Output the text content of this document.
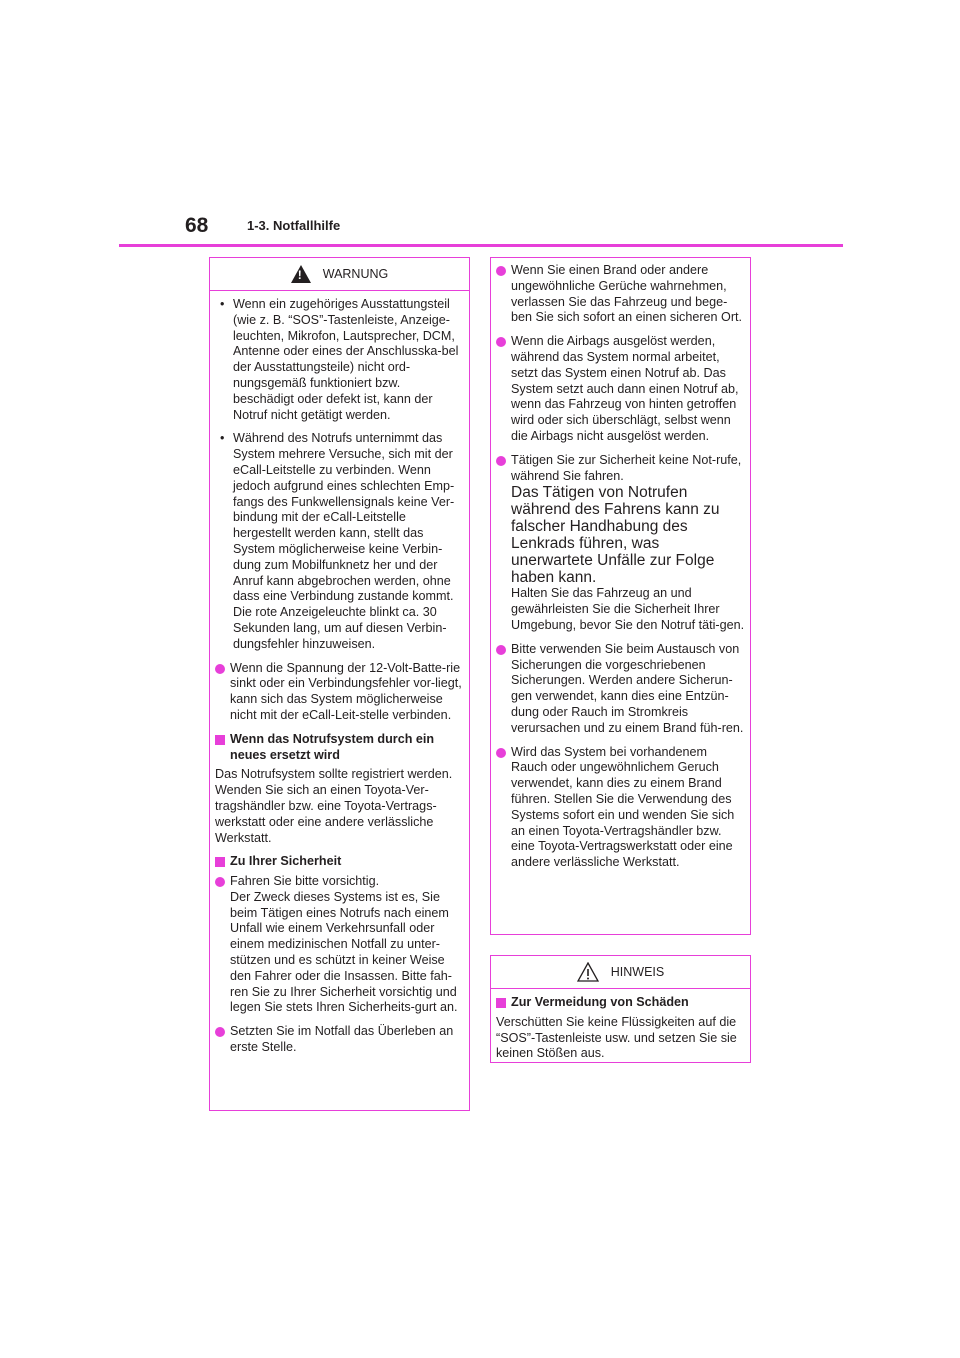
68	1-3. Notfallhilfe
!
WARNUNG
• Wenn ein zugehöriges Ausstattungsteil (wie z. B. “SOS”-Tastenleiste, Anzeige-leuchten, Mikrofon, Lautsprecher, DCM, Antenne oder eines der Anschlusska-bel der Ausstattungsteile) nicht ord-nungsgemäß funktioniert bzw. beschädigt oder defekt ist, kann der Notruf nicht getätigt werden.
• Während des Notrufs unternimmt das System mehrere Versuche, sich mit der eCall-Leitstelle zu verbinden. Wenn jedoch aufgrund eines schlechten Emp-fangs des Funkwellensignals keine Ver-bindung mit der eCall-Leitstelle hergestellt werden kann, stellt das System möglicherweise keine Verbin-dung zum Mobilfunknetz her und der Anruf kann abgebrochen werden, ohne dass eine Verbindung zustande kommt. Die rote Anzeigeleuchte blinkt ca. 30 Sekunden lang, um auf diesen Verbin-dungsfehler hinzuweisen.
Wenn die Spannung der 12-Volt-Batte-rie sinkt oder ein Verbindungsfehler vor-liegt, kann sich das System möglicherweise nicht mit der eCall-Leit-stelle verbinden.
Wenn das Notrufsystem durch ein neues ersetzt wird
Das Notrufsystem sollte registriert werden. Wenden Sie sich an einen Toyota-Ver-tragshändler bzw. eine Toyota-Vertrags-werkstatt oder eine andere verlässliche Werkstatt.
Zu Ihrer Sicherheit
Fahren Sie bitte vorsichtig.
Der Zweck dieses Systems ist es, Sie beim Tätigen eines Notrufs nach einem Unfall wie einem Verkehrsunfall oder einem medizinischen Notfall zu unter-stützen und es schützt in keiner Weise den Fahrer oder die Insassen. Bitte fah-ren Sie zu Ihrer Sicherheit vorsichtig und legen Sie stets Ihren Sicherheits-gurt an.
Setzten Sie im Notfall das Überleben an erste Stelle.
Wenn Sie einen Brand oder andere ungewöhnliche Gerüche wahrnehmen, verlassen Sie das Fahrzeug und bege-ben Sie sich sofort an einen sicheren Ort.
Wenn die Airbags ausgelöst werden, während das System normal arbeitet, setzt das System einen Notruf ab. Das System setzt auch dann einen Notruf ab, wenn das Fahrzeug von hinten getroffen wird oder sich überschlägt, selbst wenn die Airbags nicht ausgelöst werden.
Tätigen Sie zur Sicherheit keine Not-rufe, während Sie fahren.
Das Tätigen von Notrufen während des Fahrens kann zu falscher Handhabung des Lenkrads führen, was unerwartete Unfälle zur Folge haben kann.
Halten Sie das Fahrzeug an und gewährleisten Sie die Sicherheit Ihrer Umgebung, bevor Sie den Notruf täti-gen.
Bitte verwenden Sie beim Austausch von Sicherungen die vorgeschriebenen Sicherungen. Werden andere Sicherun-gen verwendet, kann dies eine Entzün-dung oder Rauch im Stromkreis verursachen und zu einem Brand füh-ren.
Wird das System bei vorhandenem Rauch oder ungewöhnlichem Geruch verwendet, kann dies zu einem Brand führen. Stellen Sie die Verwendung des Systems sofort ein und wenden Sie sich an einen Toyota-Vertragshändler bzw. eine Toyota-Vertragswerkstatt oder eine andere verlässliche Werkstatt.
HINWEIS
Zur Vermeidung von Schäden
Verschütten Sie keine Flüssigkeiten auf die “SOS”-Tastenleiste usw. und setzen Sie sie keinen Stößen aus.
